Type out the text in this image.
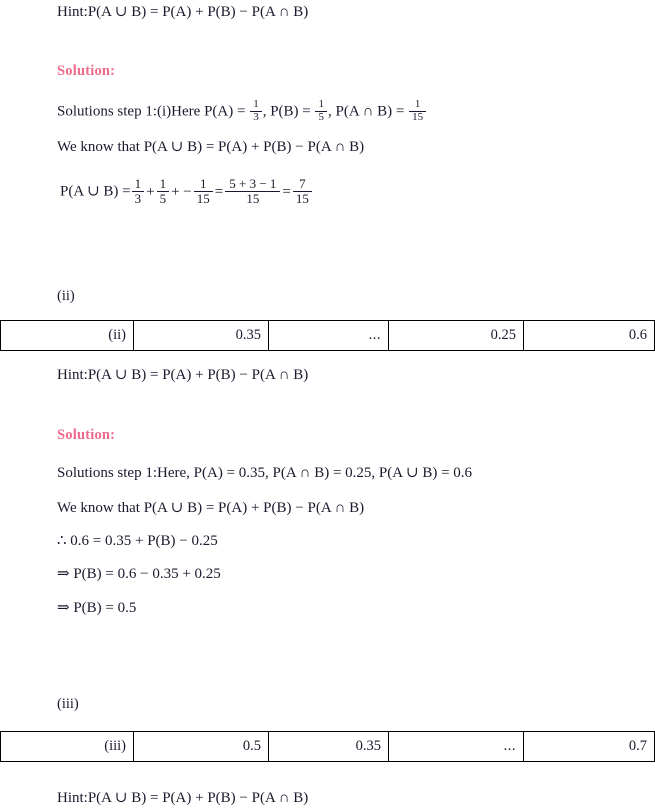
Hint:P(A ∪ B) = P(A) + P(B) − P(A ∩ B)
Solution:
Solutions step 1:(i)Here $P(A) = \frac{1}{3}$ , $P(B) = \frac{1}{5}$ , P(A ∩ $B) = \frac{1}{15}$
We know that P(A ∪ B) = P(A) + P(B) − P(A ∩ B)
P(A ∪ $B) = \frac{1}{3} + \frac{1}{5}$ + − $\frac{1}{15} = \frac{5 + 3 - 1}{15} = \frac{7}{15}$
(ii)
(ii)	0.35	...	0.25	0.6
Hint:P(A ∪ B) = P(A) + P(B) − P(A ∩ B)
Solution:
Solutions step 1:Here, P(A) = 0.35, P(A ∩ B) = 0.25, P(A ∪ B) = 0.6
We know that P(A ∪ B) = P(A) + P(B) − P(A ∩ B)
∴ 0.6 = 0.35 + P(B) − 0.25
⇒ P(B) = 0.6 − 0.35 + 0.25
⇒ P(B) = 0.5
(iii)
(iii)	0.5	0.35	...	0.7
Hint:P(A ∪ B) = P(A) + P(B) − P(A ∩ B)
